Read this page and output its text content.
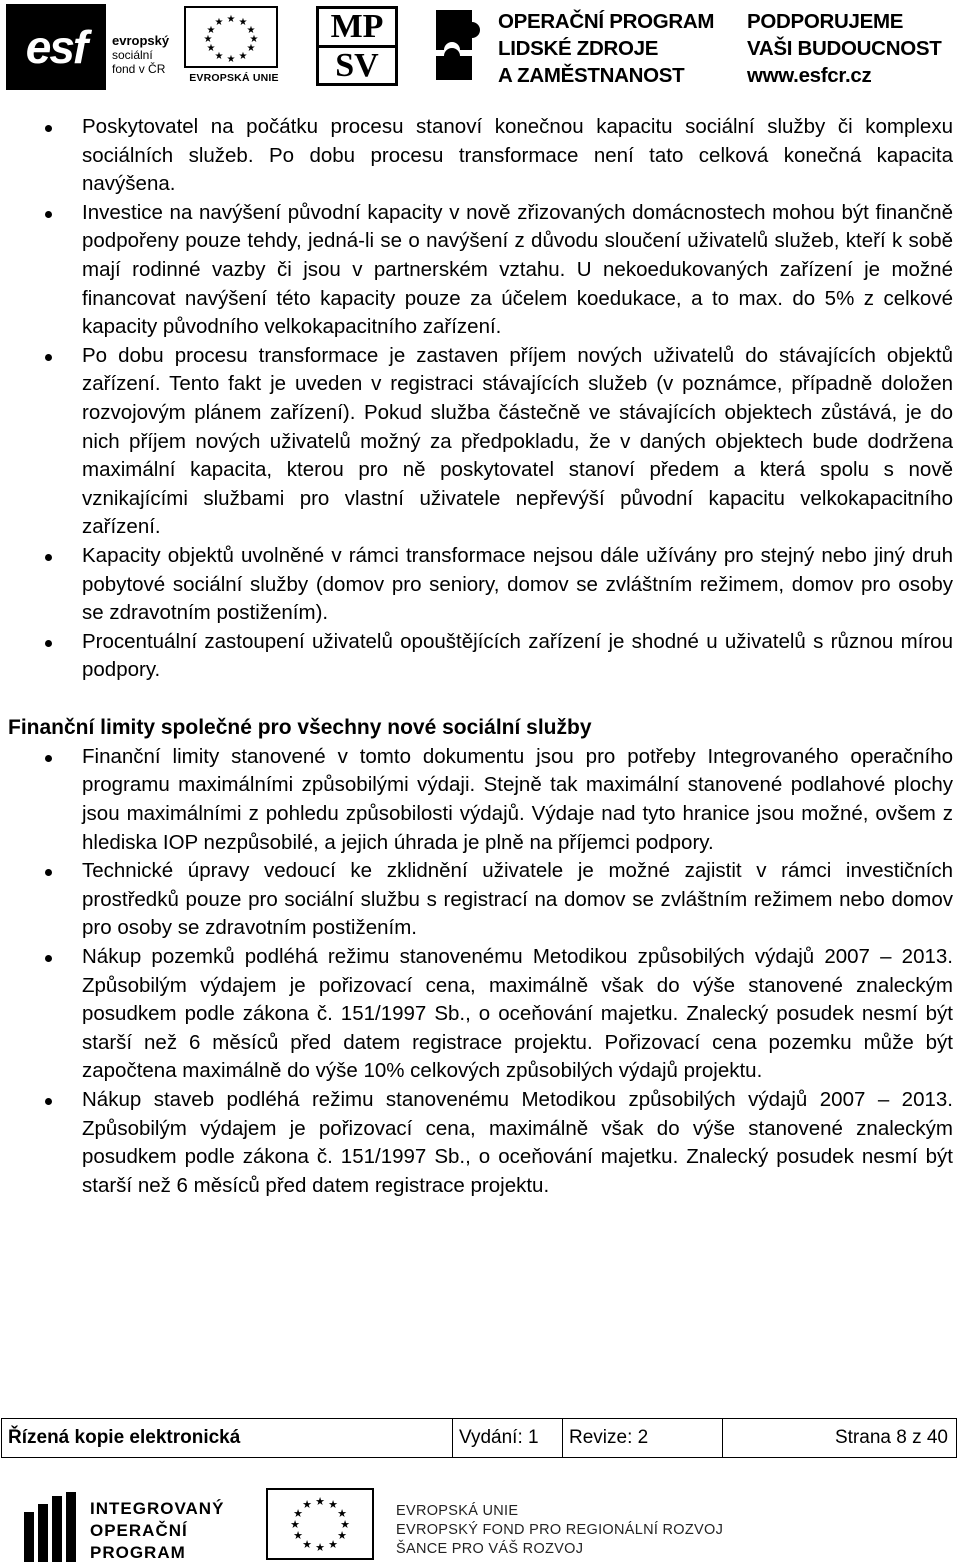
esf	evropský
sociální
fond v ČR
★ ★
★
★
★
★
★
★
★
★
★
★
EVROPSKÁ UNIE
MP
SV
OPERAČNÍ PROGRAM
LIDSKÉ ZDROJE
A ZAMĚSTNANOST
PODPORUJEME
VAŠI BUDOUCNOST
www.esfcr.cz
Poskytovatel na počátku procesu stanoví konečnou kapacitu sociální služby či komplexu sociálních služeb. Po dobu procesu transformace není tato celková konečná kapacita navýšena.
Investice na navýšení původní kapacity v nově zřizovaných domácnostech mohou být finančně podpořeny pouze tehdy, jedná-li se o navýšení z důvodu sloučení uživatelů služeb, kteří k sobě mají rodinné vazby či jsou v partnerském vztahu. U nekoedukovaných zařízení je možné financovat navýšení této kapacity pouze za účelem koedukace, a to max. do 5% z celkové kapacity původního velkokapacitního zařízení.
Po dobu procesu transformace je zastaven příjem nových uživatelů do stávajících objektů zařízení. Tento fakt je uveden v registraci stávajících služeb (v poznámce, případně doložen rozvojovým plánem zařízení). Pokud služba částečně ve stávajících objektech zůstává, je do nich příjem nových uživatelů možný za předpokladu, že v daných objektech bude dodržena maximální kapacita, kterou pro ně poskytovatel stanoví předem a která spolu s nově vznikajícími službami pro vlastní uživatele nepřevýší původní kapacitu velkokapacitního zařízení.
Kapacity objektů uvolněné v rámci transformace nejsou dále užívány pro stejný nebo jiný druh pobytové sociální služby (domov pro seniory, domov se zvláštním režimem, domov pro osoby se zdravotním postižením).
Procentuální zastoupení uživatelů opouštějících zařízení je shodné u uživatelů s různou mírou podpory.
Finanční limity společné pro všechny nové sociální služby
Finanční limity stanovené v tomto dokumentu jsou pro potřeby Integrovaného operačního programu maximálními způsobilými výdaji. Stejně tak maximální stanovené podlahové plochy jsou maximálními z pohledu způsobilosti výdajů. Výdaje nad tyto hranice jsou možné, ovšem z hlediska IOP nezpůsobilé, a jejich úhrada je plně na příjemci podpory.
Technické úpravy vedoucí ke zklidnění uživatele je možné zajistit v rámci investičních prostředků pouze pro sociální službu s registrací na domov se zvláštním režimem nebo domov pro osoby se zdravotním postižením.
Nákup pozemků podléhá režimu stanovenému Metodikou způsobilých výdajů 2007 – 2013. Způsobilým výdajem je pořizovací cena, maximálně však do výše stanovené znaleckým posudkem podle zákona č. 151/1997 Sb., o oceňování majetku. Znalecký posudek nesmí být starší než 6 měsíců před datem registrace projektu. Pořizovací cena pozemku může být započtena maximálně do výše 10% celkových způsobilých výdajů projektu.
Nákup staveb podléhá režimu stanovenému Metodikou způsobilých výdajů 2007 – 2013. Způsobilým výdajem je pořizovací cena, maximálně však do výše stanovené znaleckým posudkem podle zákona č. 151/1997 Sb., o oceňování majetku. Znalecký posudek nesmí být starší než 6 měsíců před datem registrace projektu.
Řízená kopie elektronická	Vydání: 1	Revize: 2	Strana 8 z 40
INTEGROVANÝ
OPERAČNÍ
PROGRAM
★ ★
★
★
★
★
★
★
★
★
★
★	EVROPSKÁ UNIE
EVROPSKÝ FOND PRO REGIONÁLNÍ ROZVOJ
ŠANCE PRO VÁŠ ROZVOJ
